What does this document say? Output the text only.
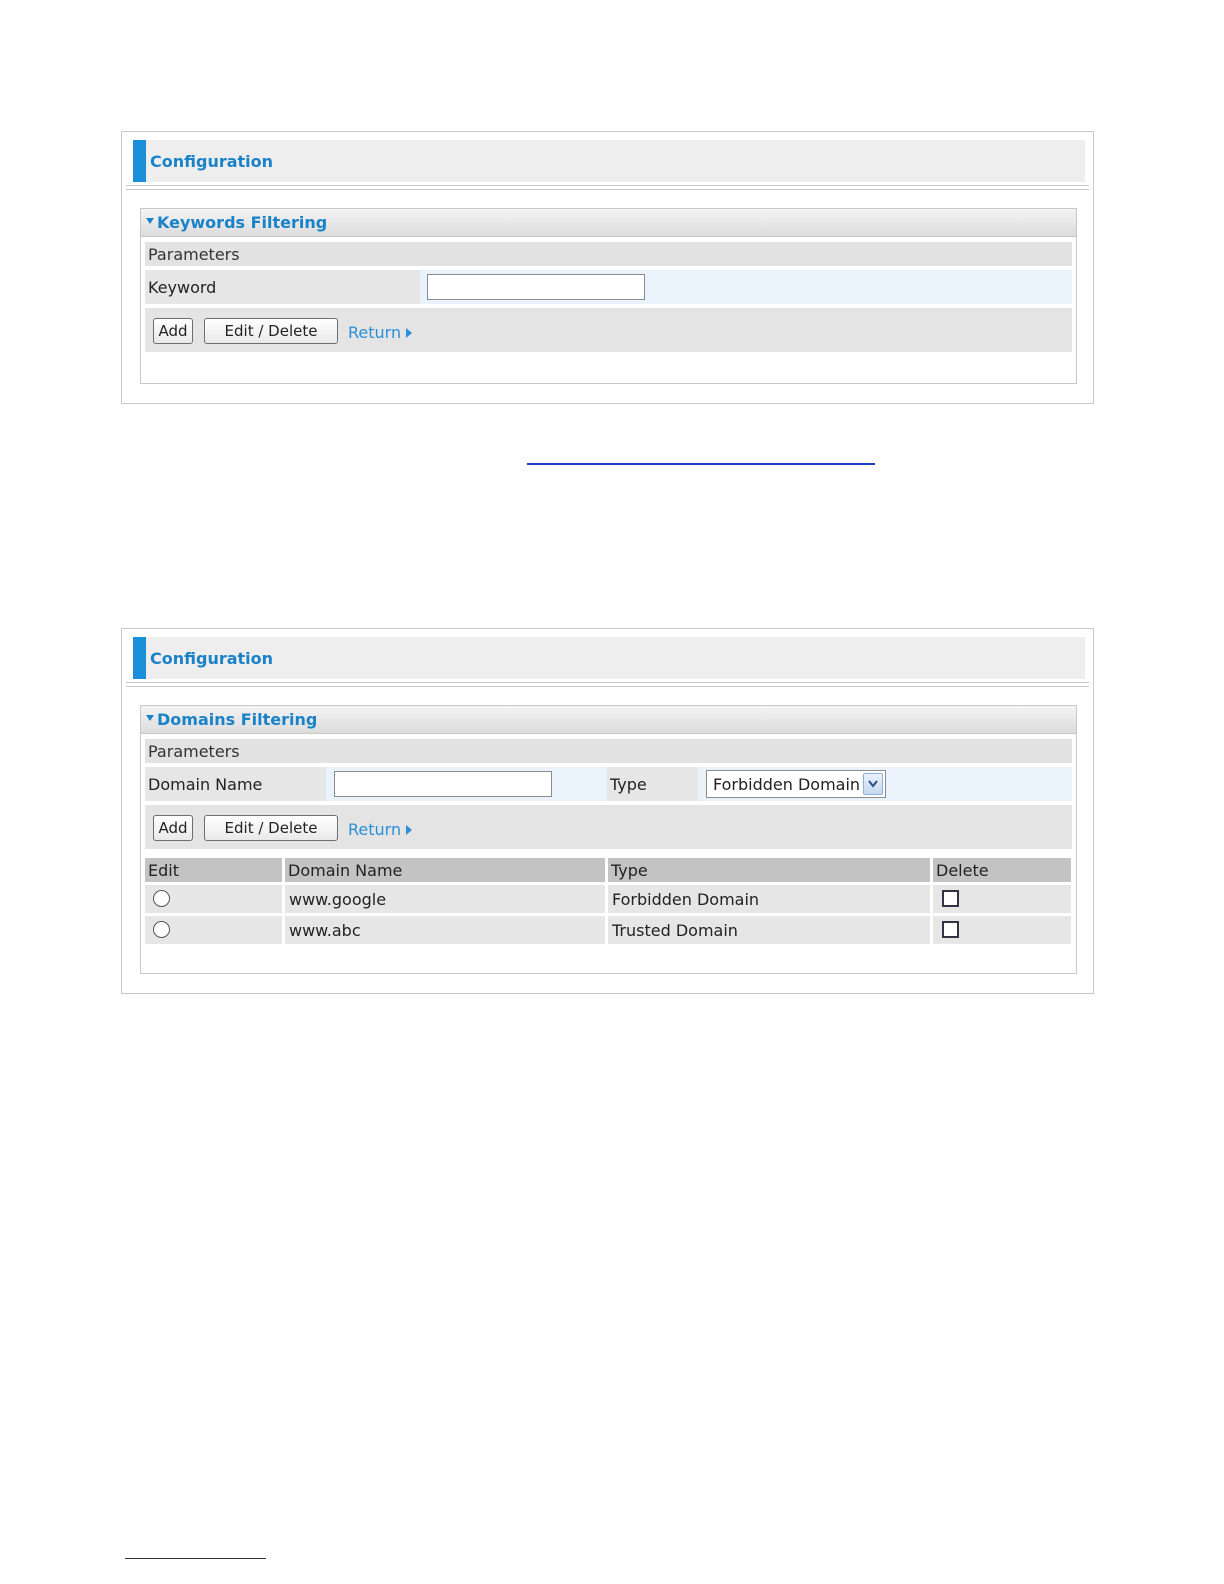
Configuration
Keywords Filtering
Parameters
Keyword
Add	Edit / Delete	Return
Configuration
Domains Filtering
Parameters
Domain Name	Type	Forbidden Domain
Add	Edit / Delete	Return
Edit	Domain Name	Type	Delete
www.google	Forbidden Domain
www.abc	Trusted Domain
